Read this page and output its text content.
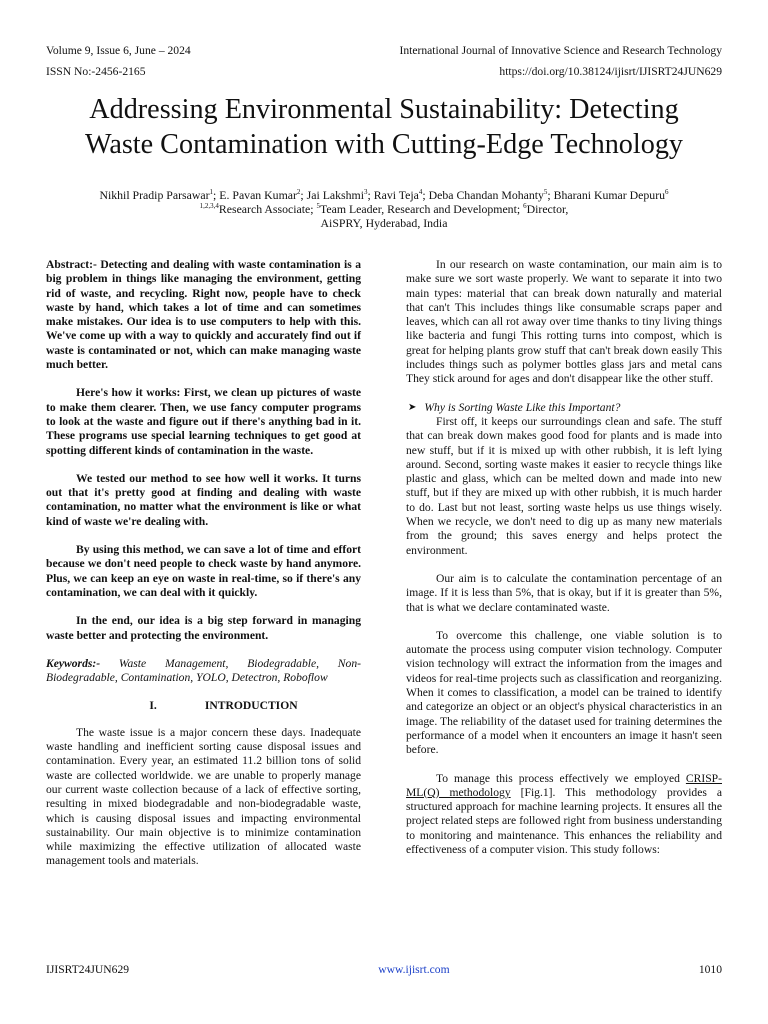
Volume 9, Issue 6, June – 2024	International Journal of Innovative Science and Research Technology
ISSN No:-2456-2165	https://doi.org/10.38124/ijisrt/IJISRT24JUN629
Addressing Environmental Sustainability: Detecting
Waste Contamination with Cutting-Edge Technology
Nikhil Pradip Parsawar$^1$; E. Pavan Kumar$^2$; Jai Lakshmi$^3$; Ravi Teja$^4$; Deba Chandan Mohanty$^5$; Bharani Kumar Depuru$^6$
$^{1,2,3,4}$Research Associate; $^5$Team Leader, Research and Development; $^6$Director,
AiSPRY, Hyderabad, India

Abstract:- Detecting and dealing with waste contamination is a big problem in things like managing the environment, getting rid of waste, and recycling. Right now, people have to check waste by hand, which takes a lot of time and can sometimes make mistakes. Our idea is to use computers to help with this. We've come up with a way to quickly and accurately find out if waste is contaminated or not, which can make managing waste much better.

Here's how it works: First, we clean up pictures of waste to make them clearer. Then, we use fancy computer programs to look at the waste and figure out if there's anything bad in it. These programs use special learning techniques to get good at spotting different kinds of contamination in the waste.

We tested our method to see how well it works. It turns out that it's pretty good at finding and dealing with waste contamination, no matter what the environment is like or what kind of waste we're dealing with.

By using this method, we can save a lot of time and effort because we don't need people to check waste by hand anymore. Plus, we can keep an eye on waste in real-time, so if there's any contamination, we can deal with it quickly.

In the end, our idea is a big step forward in managing waste better and protecting the environment.

Keywords:- Waste Management, Biodegradable, Non-Biodegradable, Contamination, YOLO, Detectron, Roboflow

I.	INTRODUCTION

The waste issue is a major concern these days. Inadequate waste handling and inefficient sorting cause disposal issues and contamination. Every year, an estimated 11.2 billion tons of solid waste are collected worldwide. we are unable to properly manage our current waste collection because of a lack of effective sorting, resulting in mixed biodegradable and non-biodegradable waste, which is causing disposal issues and impacting environmental sustainability. Our main objective is to minimize contamination while maximizing the effective utilization of allocated waste management tools and materials.

In our research on waste contamination, our main aim is to make sure we sort waste properly. We want to separate it into two main types: material that can break down naturally and material that can't This includes things like consumable scraps paper and leaves, which can all rot away over time thanks to tiny living things like bacteria and fungi This rotting turns into compost, which is great for helping plants grow stuff that can't break down easily This includes things such as polymer bottles glass jars and metal cans They stick around for ages and don't disappear like the other stuff.

➤ Why is Sorting Waste Like this Important?

First off, it keeps our surroundings clean and safe. The stuff that can break down makes good food for plants and is made into new stuff, but if it is mixed up with other rubbish, it is left lying around. Second, sorting waste makes it easier to recycle things like plastic and glass, which can be melted down and made into new stuff, but if they are mixed up with other rubbish, it is much harder to do. Last but not least, sorting waste helps us use things wisely. When we recycle, we don't need to dig up as many new materials from the ground; this saves energy and helps protect the environment.

Our aim is to calculate the contamination percentage of an image. If it is less than 5%, that is okay, but if it is greater than 5%, that is what we declare contaminated waste.

To overcome this challenge, one viable solution is to automate the process using computer vision technology. Computer vision technology will extract the information from the images and videos for real-time projects such as classification and reorganizing. When it comes to classification, a model can be trained to identify and categorize an object or an object's physical characteristics in an image. The reliability of the dataset used for training determines the performance of a model when it encounters an image it hasn't seen before.

To manage this process effectively we employed CRISP-ML(Q) methodology [Fig.1]. This methodology provides a structured approach for machine learning projects. It ensures all the project related steps are followed right from business understanding to monitoring and maintenance. This enhances the reliability and effectiveness of a computer vision. This study follows:

IJISRT24JUN629	www.ijisrt.com	1010
